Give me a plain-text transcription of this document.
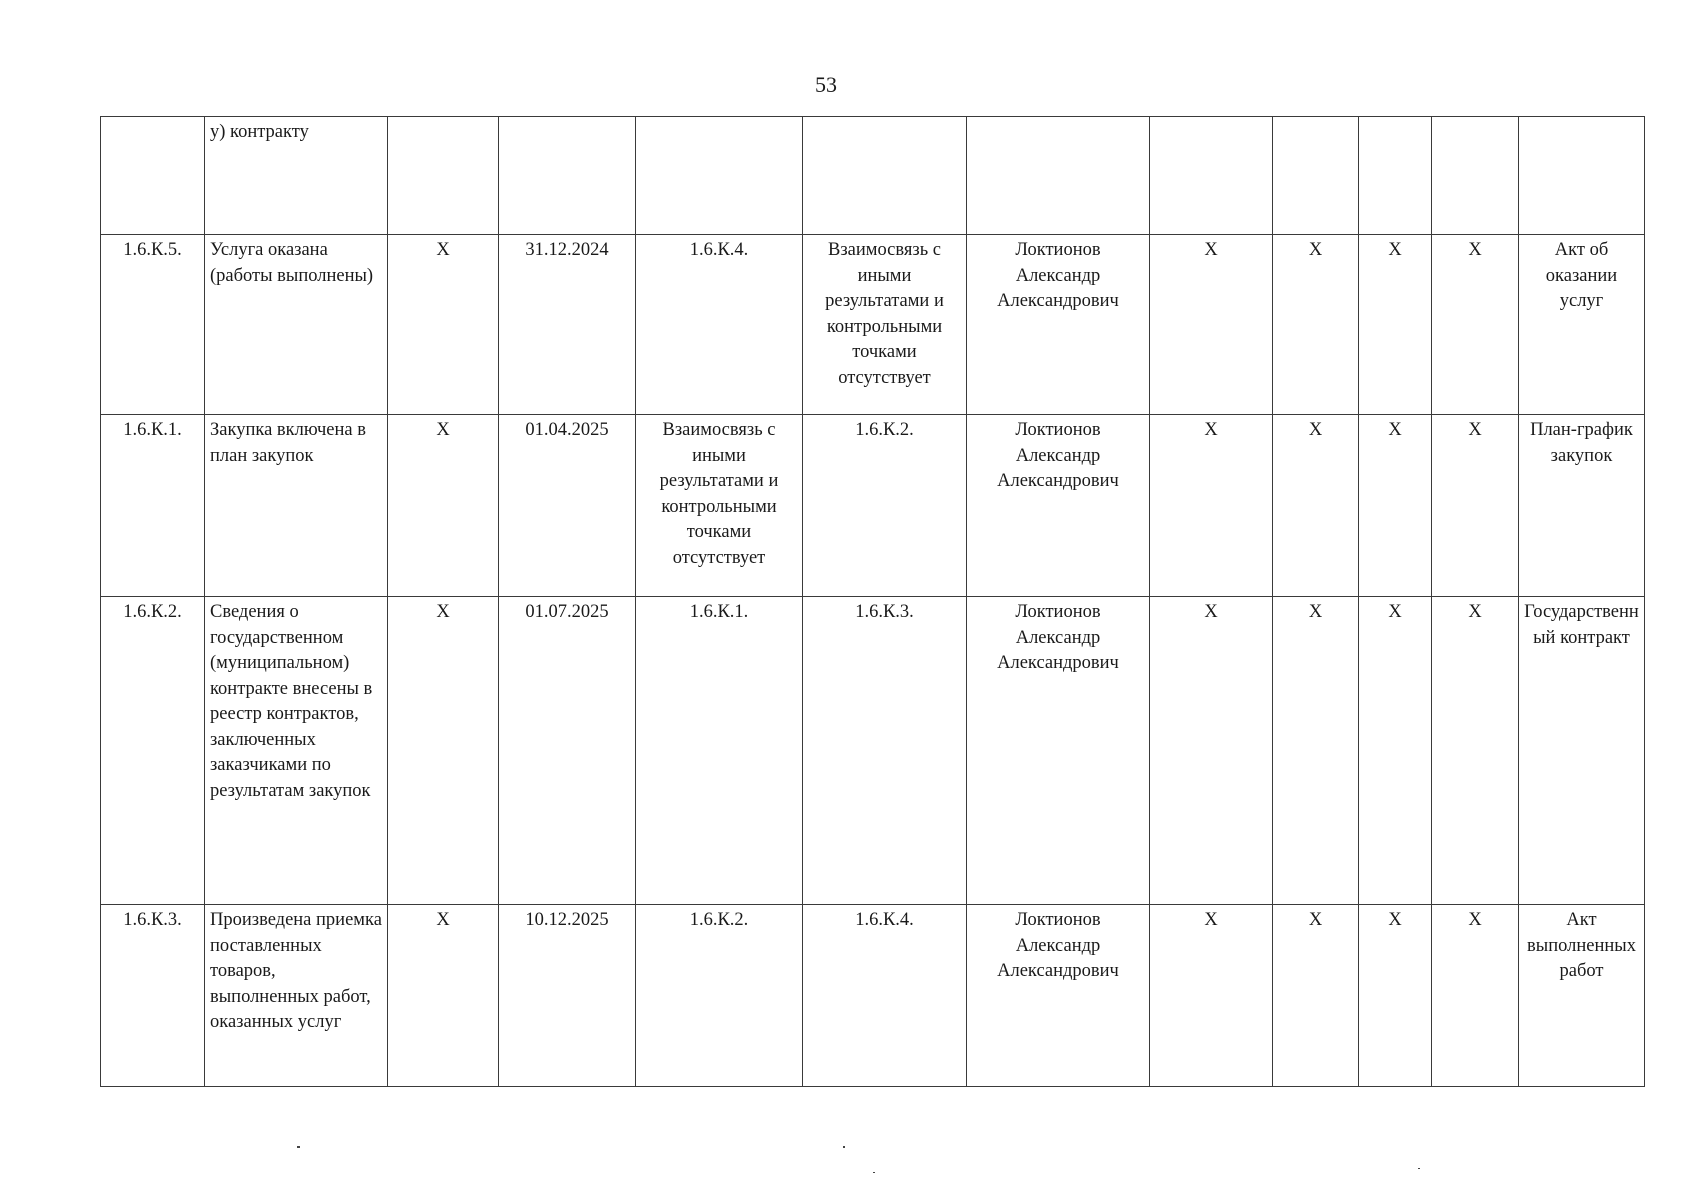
53
	у) контракту										
1.6.К.5.	Услуга оказана (работы выполнены)	X	31.12.2024	1.6.К.4.	Взаимосвязь с иными результатами и контрольными точками отсутствует	Локтионов Александр Александрович	X	X	X	X	Акт об оказании услуг
1.6.К.1.	Закупка включена в план закупок	X	01.04.2025	Взаимосвязь с иными результатами и контрольными точками отсутствует	1.6.К.2.	Локтионов Александр Александрович	X	X	X	X	План-график закупок
1.6.К.2.	Сведения о государственном (муниципальном) контракте внесены в реестр контрактов, заключенных заказчиками по результатам закупок	X	01.07.2025	1.6.К.1.	1.6.К.3.	Локтионов Александр Александрович	X	X	X	X	Государственный контракт
1.6.К.3.	Произведена приемка поставленных товаров, выполненных работ, оказанных услуг	X	10.12.2025	1.6.К.2.	1.6.К.4.	Локтионов Александр Александрович	X	X	X	X	Акт выполненных работ
